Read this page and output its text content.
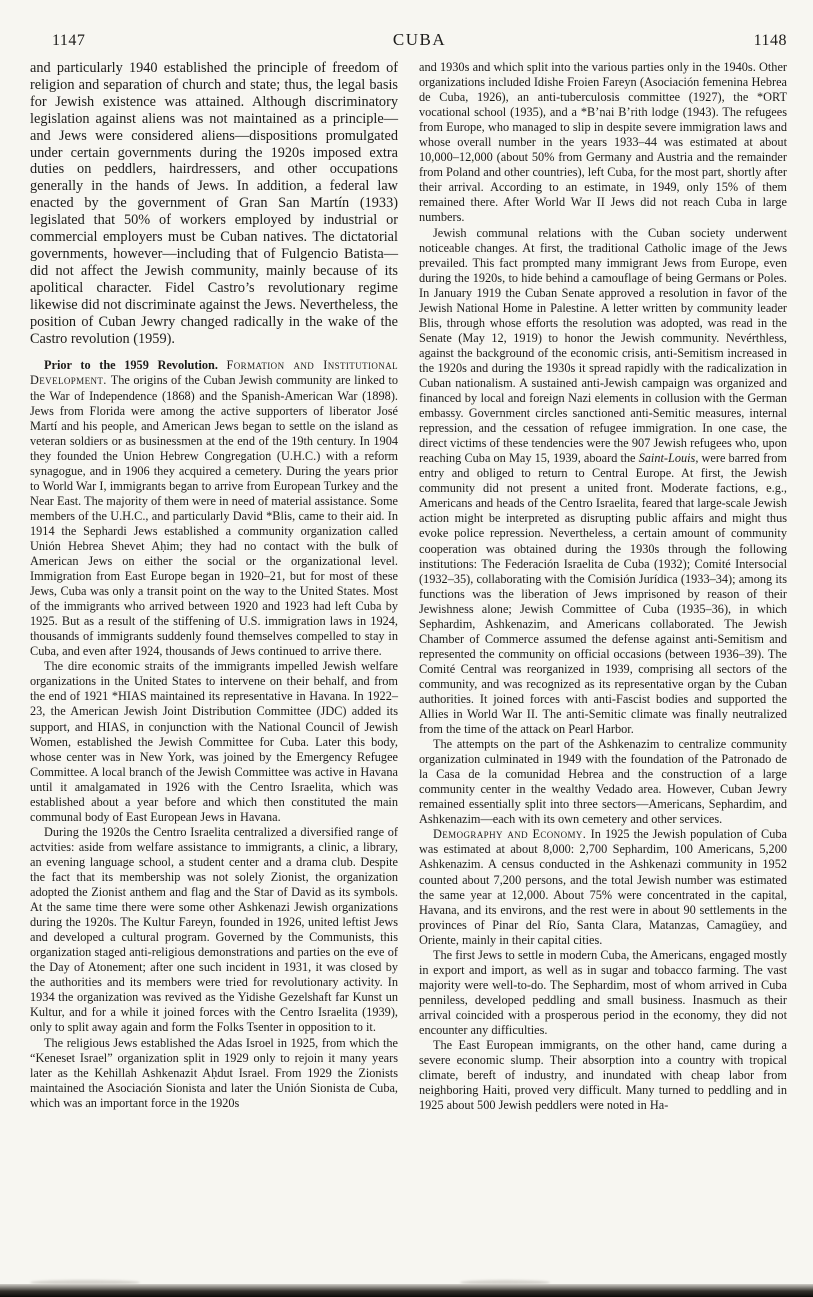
1147	CUBA	1148

and particularly 1940 established the principle of freedom of religion and separation of church and state; thus, the legal basis for Jewish existence was attained. Although discriminatory legislation against aliens was not maintained as a principle—and Jews were considered aliens—dispositions promulgated under certain governments during the 1920s imposed extra duties on peddlers, hairdressers, and other occupations generally in the hands of Jews. In addition, a federal law enacted by the government of Gran San Martín (1933) legislated that 50% of workers employed by industrial or commercial employers must be Cuban natives. The dictatorial governments, however—including that of Fulgencio Batista—did not affect the Jewish community, mainly because of its apolitical character. Fidel Castro’s revolutionary regime likewise did not discriminate against the Jews. Nevertheless, the position of Cuban Jewry changed radically in the wake of the Castro revolution (1959).

Prior to the 1959 Revolution. Formation and Institutional Development. The origins of the Cuban Jewish community are linked to the War of Independence (1868) and the Spanish-American War (1898). Jews from Florida were among the active supporters of liberator José Martí and his people, and American Jews began to settle on the island as veteran soldiers or as businessmen at the end of the 19th century. In 1904 they founded the Union Hebrew Congregation (U.H.C.) with a reform synagogue, and in 1906 they acquired a cemetery. During the years prior to World War I, immigrants began to arrive from European Turkey and the Near East. The majority of them were in need of material assistance. Some members of the U.H.C., and particularly David *Blis, came to their aid. In 1914 the Sephardi Jews established a community organization called Unión Hebrea Shevet Aḥim; they had no contact with the bulk of American Jews on either the social or the organizational level. Immigration from East Europe began in 1920–21, but for most of these Jews, Cuba was only a transit point on the way to the United States. Most of the immigrants who arrived between 1920 and 1923 had left Cuba by 1925. But as a result of the stiffening of U.S. immigration laws in 1924, thousands of immigrants suddenly found themselves compelled to stay in Cuba, and even after 1924, thousands of Jews continued to arrive there.

The dire economic straits of the immigrants impelled Jewish welfare organizations in the United States to intervene on their behalf, and from the end of 1921 *HIAS maintained its representative in Havana. In 1922–23, the American Jewish Joint Distribution Committee (JDC) added its support, and HIAS, in conjunction with the National Council of Jewish Women, established the Jewish Committee for Cuba. Later this body, whose center was in New York, was joined by the Emergency Refugee Committee. A local branch of the Jewish Committee was active in Havana until it amalgamated in 1926 with the Centro Israelita, which was established about a year before and which then constituted the main communal body of East European Jews in Havana.

During the 1920s the Centro Israelita centralized a diversified range of actvities: aside from welfare assistance to immigrants, a clinic, a library, an evening language school, a student center and a drama club. Despite the fact that its membership was not solely Zionist, the organization adopted the Zionist anthem and flag and the Star of David as its symbols. At the same time there were some other Ashkenazi Jewish organizations during the 1920s. The Kultur Fareyn, founded in 1926, united leftist Jews and developed a cultural program. Governed by the Communists, this organization staged anti-religious demonstrations and parties on the eve of the Day of Atonement; after one such incident in 1931, it was closed by the authorities and its members were tried for revolutionary activity. In 1934 the organization was revived as the Yidishe Gezelshaft far Kunst un Kultur, and for a while it joined forces with the Centro Israelita (1939), only to split away again and form the Folks Tsenter in opposition to it.

The religious Jews established the Adas Isroel in 1925, from which the “Keneset Israel” organization split in 1929 only to rejoin it many years later as the Kehillah Ashkenazit Aḥdut Israel. From 1929 the Zionists maintained the Asociación Sionista and later the Unión Sionista de Cuba, which was an important force in the 1920s

and 1930s and which split into the various parties only in the 1940s. Other organizations included Idishe Froien Fareyn (Asociación femenina Hebrea de Cuba, 1926), an anti-tuberculosis committee (1927), the *ORT vocational school (1935), and a *B’nai B’rith lodge (1943). The refugees from Europe, who managed to slip in despite severe immigration laws and whose overall number in the years 1933–44 was estimated at about 10,000–12,000 (about 50% from Germany and Austria and the remainder from Poland and other countries), left Cuba, for the most part, shortly after their arrival. According to an estimate, in 1949, only 15% of them remained there. After World War II Jews did not reach Cuba in large numbers.

Jewish communal relations with the Cuban society underwent noticeable changes. At first, the traditional Catholic image of the Jews prevailed. This fact prompted many immigrant Jews from Europe, even during the 1920s, to hide behind a camouflage of being Germans or Poles. In January 1919 the Cuban Senate approved a resolution in favor of the Jewish National Home in Palestine. A letter written by community leader Blis, through whose efforts the resolution was adopted, was read in the Senate (May 12, 1919) to honor the Jewish community. Nevérthless, against the background of the economic crisis, anti-Semitism increased in the 1920s and during the 1930s it spread rapidly with the radicalization in Cuban nationalism. A sustained anti-Jewish campaign was organized and financed by local and foreign Nazi elements in collusion with the German embassy. Government circles sanctioned anti-Semitic measures, internal repression, and the cessation of refugee immigration. In one case, the direct victims of these tendencies were the 907 Jewish refugees who, upon reaching Cuba on May 15, 1939, aboard the Saint-Louis, were barred from entry and obliged to return to Central Europe. At first, the Jewish community did not present a united front. Moderate factions, e.g., Americans and heads of the Centro Israelita, feared that large-scale Jewish action might be interpreted as disrupting public affairs and might thus evoke police repression. Nevertheless, a certain amount of community cooperation was obtained during the 1930s through the following institutions: The Federación Israelita de Cuba (1932); Comité Intersocial (1932–35), collaborating with the Comisión Jurídica (1933–34); among its functions was the liberation of Jews imprisoned by reason of their Jewishness alone; Jewish Committee of Cuba (1935–36), in which Sephardim, Ashkenazim, and Americans collaborated. The Jewish Chamber of Commerce assumed the defense against anti-Semitism and represented the community on official occasions (between 1936–39). The Comité Central was reorganized in 1939, comprising all sectors of the community, and was recognized as its representative organ by the Cuban authorities. It joined forces with anti-Fascist bodies and supported the Allies in World War II. The anti-Semitic climate was finally neutralized from the time of the attack on Pearl Harbor.

The attempts on the part of the Ashkenazim to centralize community organization culminated in 1949 with the foundation of the Patronado de la Casa de la comunidad Hebrea and the construction of a large community center in the wealthy Vedado area. However, Cuban Jewry remained essentially split into three sectors—Americans, Sephardim, and Ashkenazim—each with its own cemetery and other services.

Demography and Economy. In 1925 the Jewish population of Cuba was estimated at about 8,000: 2,700 Sephardim, 100 Americans, 5,200 Ashkenazim. A census conducted in the Ashkenazi community in 1952 counted about 7,200 persons, and the total Jewish number was estimated the same year at 12,000. About 75% were concentrated in the capital, Havana, and its environs, and the rest were in about 90 settlements in the provinces of Pinar del Río, Santa Clara, Matanzas, Camagüey, and Oriente, mainly in their capital cities.

The first Jews to settle in modern Cuba, the Americans, engaged mostly in export and import, as well as in sugar and tobacco farming. The vast majority were well-to-do. The Sephardim, most of whom arrived in Cuba penniless, developed peddling and small business. Inasmuch as their arrival coincided with a prosperous period in the economy, they did not encounter any difficulties.

The East European immigrants, on the other hand, came during a severe economic slump. Their absorption into a country with tropical climate, bereft of industry, and inundated with cheap labor from neighboring Haiti, proved very difficult. Many turned to peddling and in 1925 about 500 Jewish peddlers were noted in Ha-
